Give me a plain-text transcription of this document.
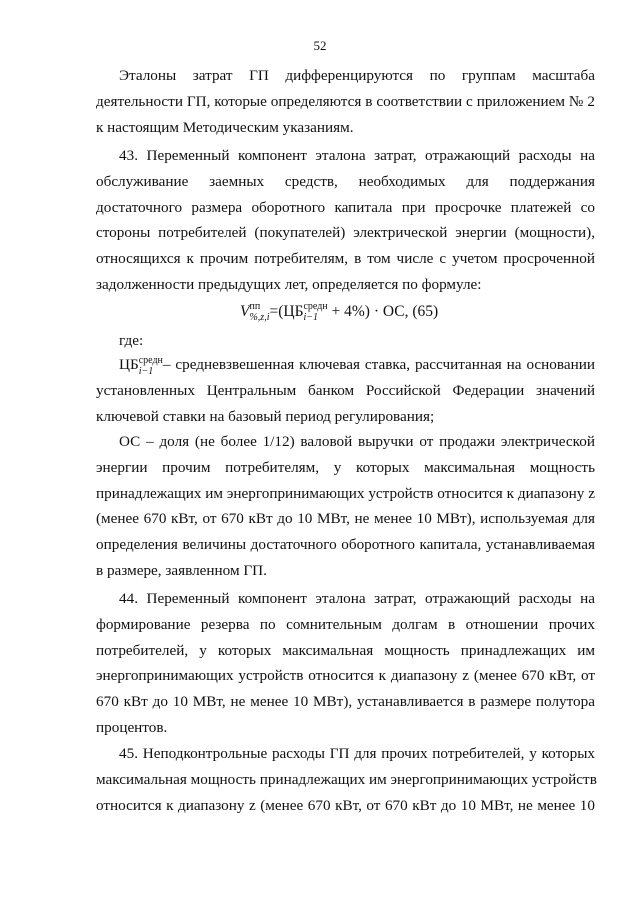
52
Эталоны затрат ГП дифференцируются по группам масштаба
деятельности ГП, которые определяются в соответствии с приложением № 2
к настоящим Методическим указаниям.
43. Переменный компонент эталона затрат, отражающий расходы на
обслуживание заемных средств, необходимых для поддержания
достаточного размера оборотного капитала при просрочке платежей со
стороны потребителей (покупателей) электрической энергии (мощности),
относящихся к прочим потребителям, в том числе с учетом просроченной
задолженности предыдущих лет, определяется по формуле:
V пп
%,z,i =(ЦБ средн
i−1 + 4%) · ОС, (65)
где:
ЦБ средн
i−1 – средневзвешенная ключевая ставка, рассчитанная на основании
установленных Центральным банком Российской Федерации значений
ключевой ставки на базовый период регулирования;
ОС – доля (не более 1/12) валовой выручки от продажи электрической
энергии прочим потребителям, у которых максимальная мощность
принадлежащих им энергопринимающих устройств относится к диапазону z
(менее 670 кВт, от 670 кВт до 10 МВт, не менее 10 МВт), используемая для
определения величины достаточного оборотного капитала, устанавливаемая
в размере, заявленном ГП.
44. Переменный компонент эталона затрат, отражающий расходы на
формирование резерва по сомнительным долгам в отношении прочих
потребителей, у которых максимальная мощность принадлежащих им
энергопринимающих устройств относится к диапазону z (менее 670 кВт, от
670 кВт до 10 МВт, не менее 10 МВт), устанавливается в размере полутора
процентов.
45. Неподконтрольные расходы ГП для прочих потребителей, у которых
максимальная мощность принадлежащих им энергопринимающих устройств
относится к диапазону z (менее 670 кВт, от 670 кВт до 10 МВт, не менее 10
